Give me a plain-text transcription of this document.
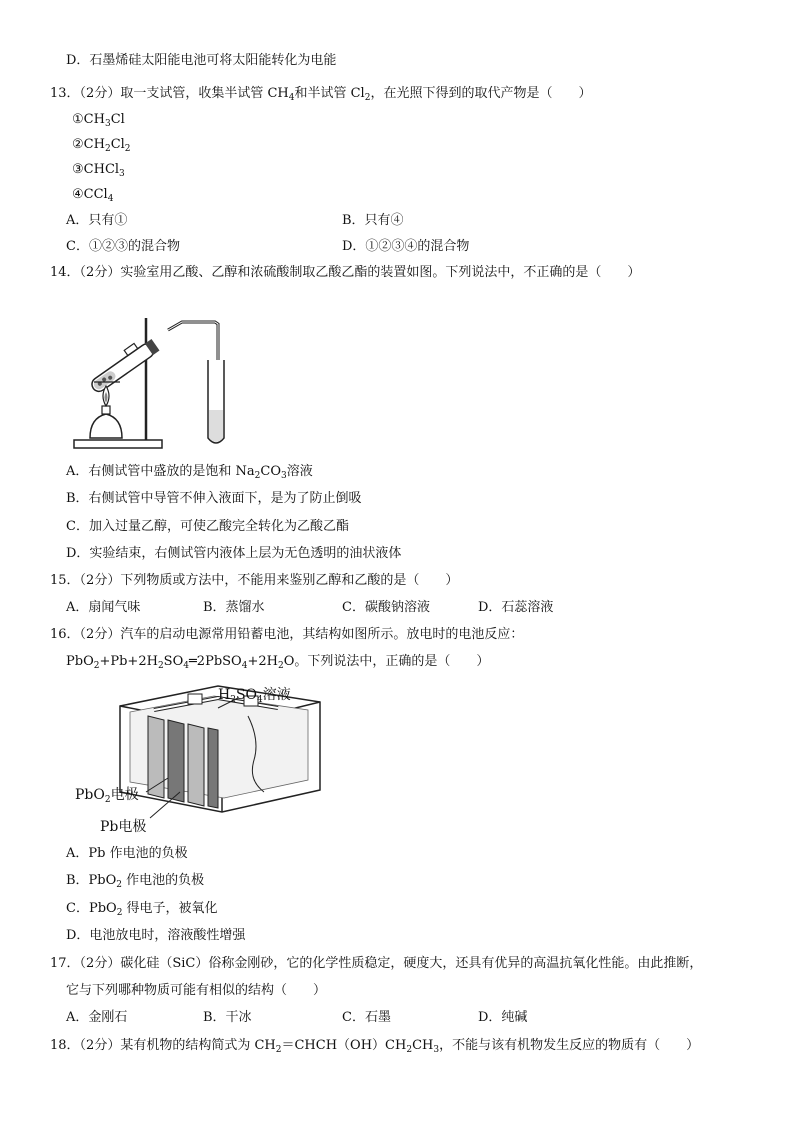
D．石墨烯硅太阳能电池可将太阳能转化为电能
13．（2分）取一支试管，收集半试管 $CH_4$和半试管 $Cl_2$，在光照下得到的取代产物是（　　）
$①CH_3Cl$
$②CH_2Cl_2$
③CHCl$_3$
④CCl$_4$
A．只有①	B．只有④
C．①②③的混合物	D．①②③④的混合物
14．（2分）实验室用乙酸、乙醇和浓硫酸制取乙酸乙酯的装置如图。下列说法中，不正确的是（　　）
A．右侧试管中盛放的是饱和 $Na_2CO_3$溶液
B．右侧试管中导管不伸入液面下，是为了防止倒吸
C．加入过量乙醇，可使乙酸完全转化为乙酸乙酯
D．实验结束，右侧试管内液体上层为无色透明的油状液体
15．（2分）下列物质或方法中，不能用来鉴别乙醇和乙酸的是（　　）
A．扇闻气味	B．蒸馏水	C．碳酸钠溶液	D．石蕊溶液
16．（2分）汽车的启动电源常用铅蓄电池，其结构如图所示。放电时的电池反应：
$PbO_2+Pb+2H_2SO_4═2PbSO_4+2H_2O$。下列说法中，正确的是（　　）
$H_2SO_4$溶液
PbO$_2$电极
Pb电极
A．Pb 作电池的负极
B．PbO$_2$ 作电池的负极
C．PbO$_2$ 得电子，被氧化
D．电池放电时，溶液酸性增强
17．（2分）碳化硅（SiC）俗称金刚砂，它的化学性质稳定，硬度大，还具有优异的高温抗氧化性能。由此推断，
它与下列哪种物质可能有相似的结构（　　）
A．金刚石	B．干冰	C．石墨	D．纯碱
18．（2分）某有机物的结构简式为 $CH_2=CHCH(OH)CH_2CH_3$，不能与该有机物发生反应的物质有（　　）
